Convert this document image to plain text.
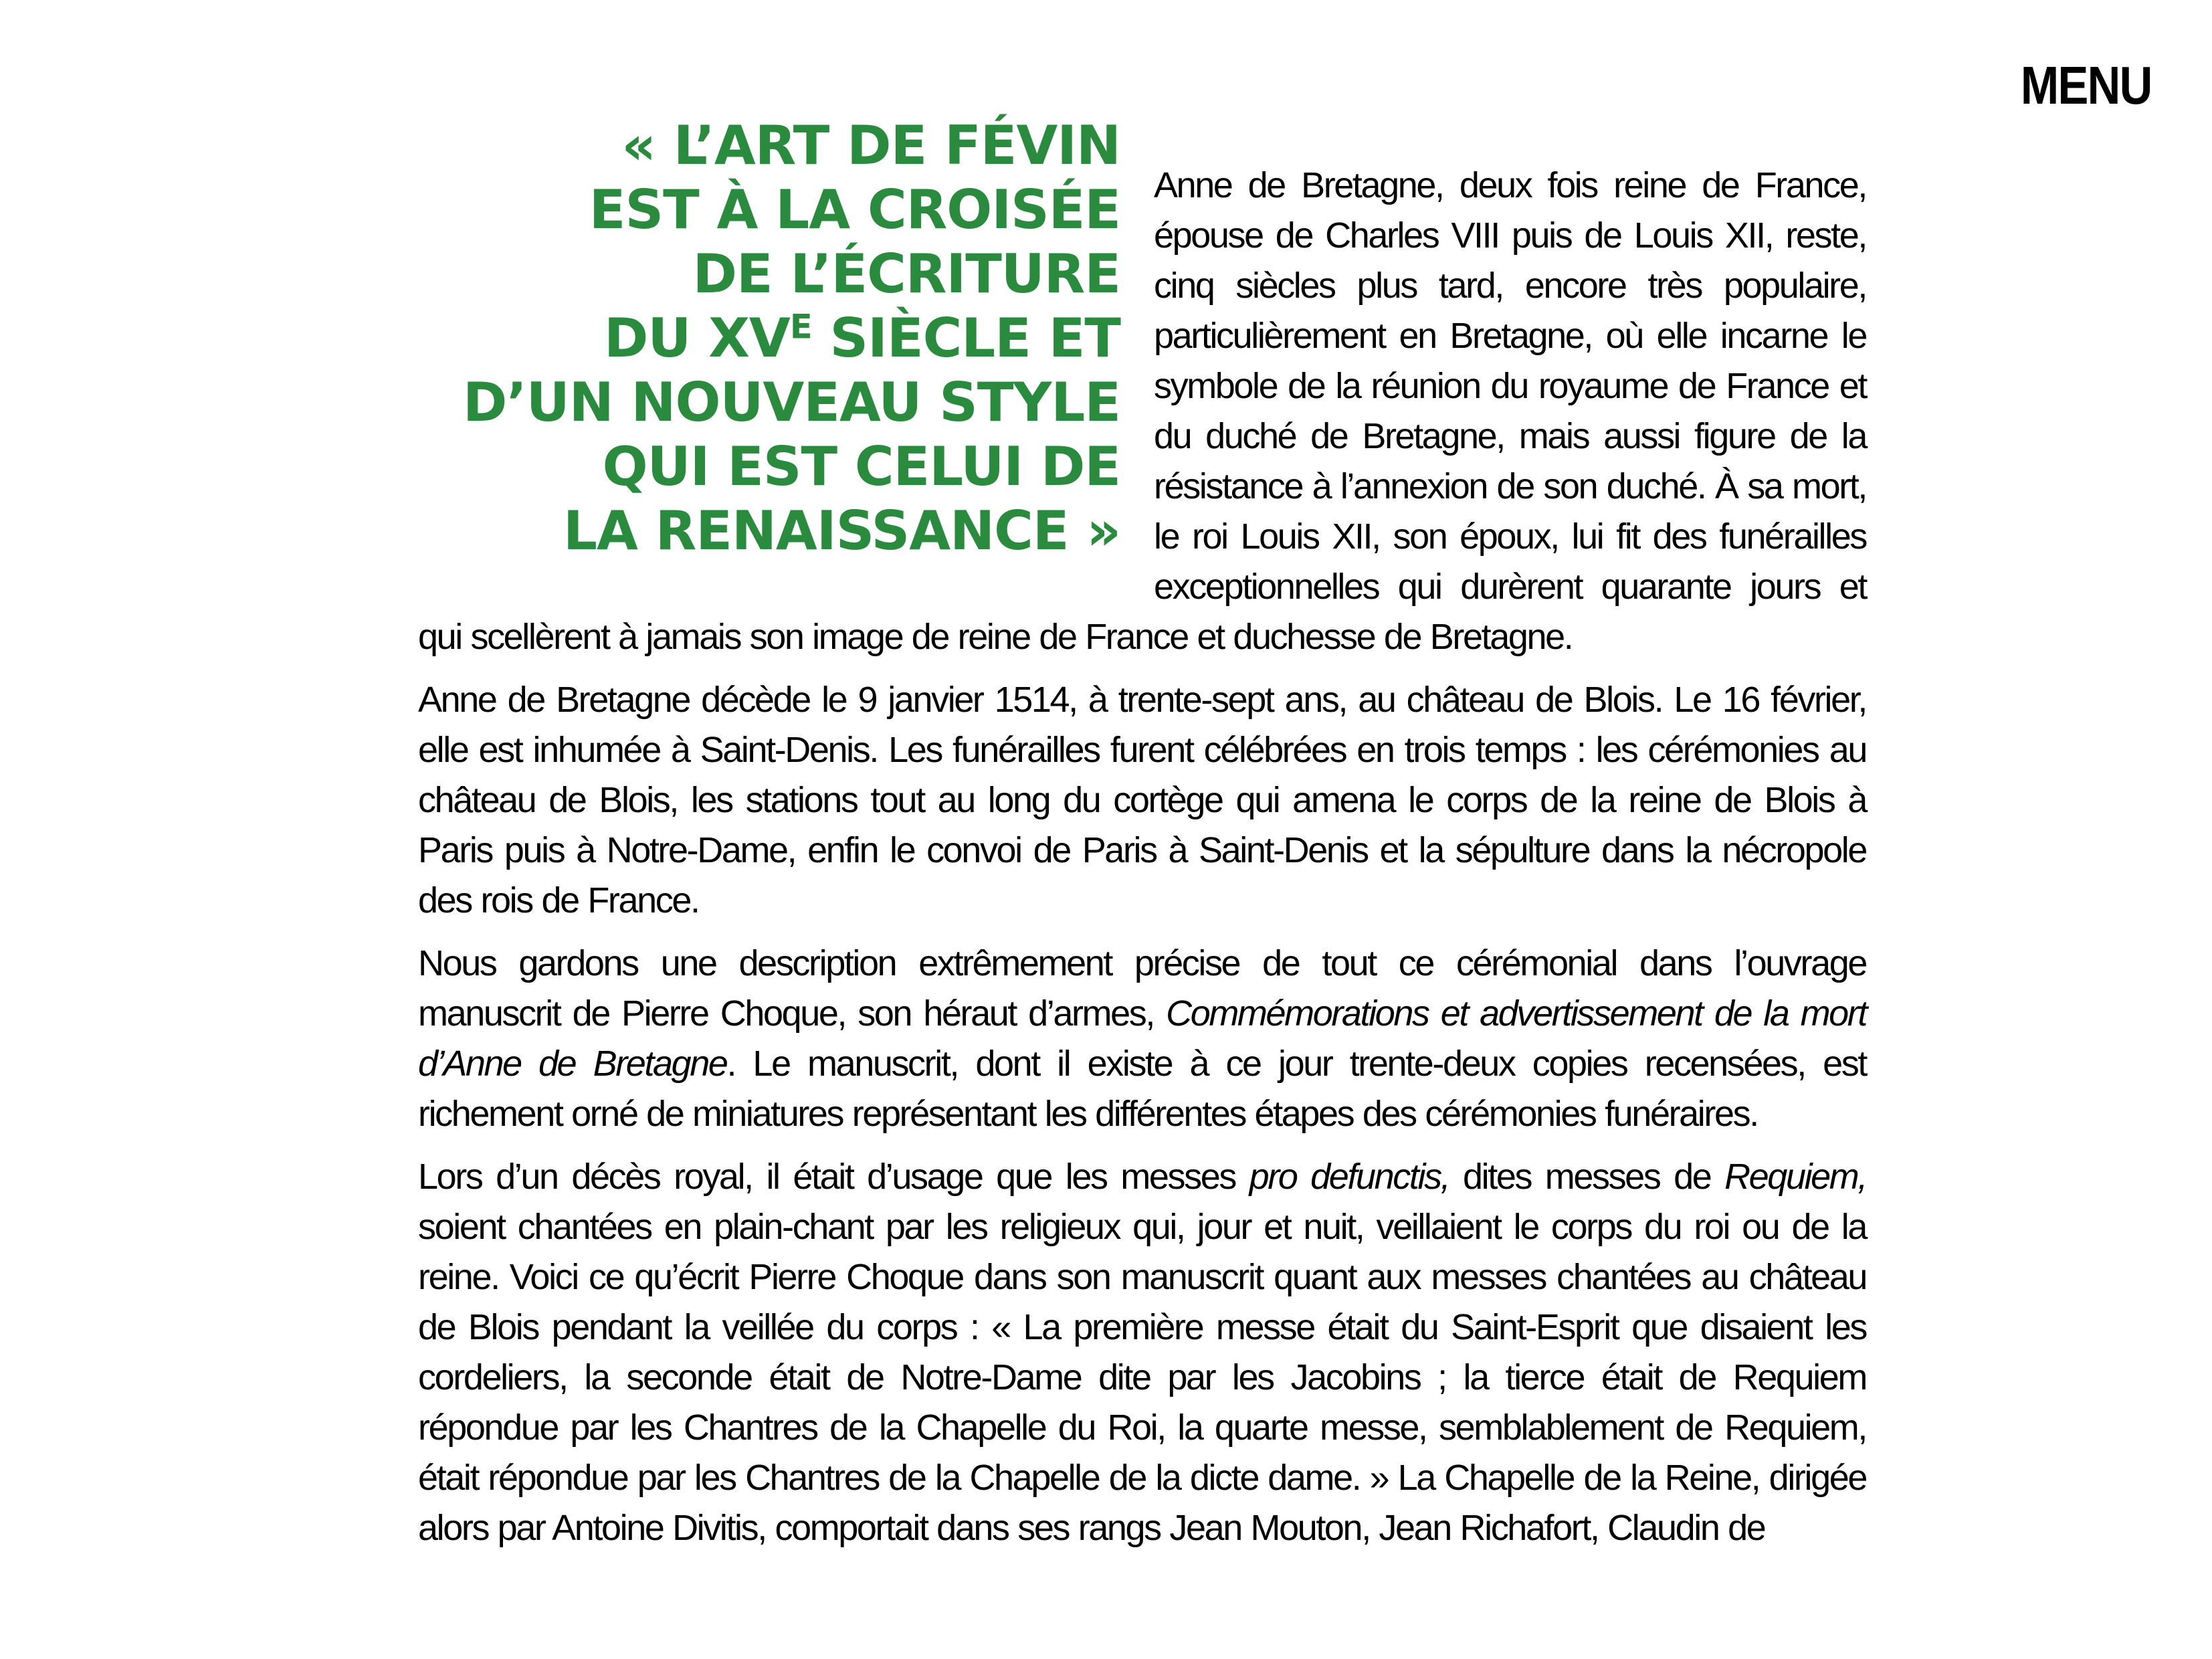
MENU
« L’ART DE FÉVIN
EST À LA CROISÉE
DE L’ÉCRITURE
DU $XV^E$ SIÈCLE ET
D’UN NOUVEAU STYLE
QUI EST CELUI DE
LA RENAISSANCE »

Anne de Bretagne, deux fois reine de France, épouse de Charles VIII puis de Louis XII, reste, cinq siècles plus tard, encore très populaire, particulièrement en Bretagne, où elle incarne le symbole de la réunion du royaume de France et du duché de Bretagne, mais aussi figure de la résistance à l’annexion de son duché. À sa mort, le roi Louis XII, son époux, lui fit des funérailles exceptionnelles qui durèrent quarante jours et qui scellèrent à jamais son image de reine de France et duchesse de Bretagne.

Anne de Bretagne décède le 9 janvier 1514, à trente-sept ans, au château de Blois. Le 16 février, elle est inhumée à Saint-Denis. Les funérailles furent célébrées en trois temps : les cérémonies au château de Blois, les stations tout au long du cortège qui amena le corps de la reine de Blois à Paris puis à Notre-Dame, enfin le convoi de Paris à Saint-Denis et la sépulture dans la nécropole des rois de France.

Nous gardons une description extrêmement précise de tout ce cérémonial dans l’ouvrage manuscrit de Pierre Choque, son héraut d’armes, Commémorations et advertissement de la mort d’Anne de Bretagne. Le manuscrit, dont il existe à ce jour trente-deux copies recensées, est richement orné de miniatures représentant les différentes étapes des cérémonies funéraires.

Lors d’un décès royal, il était d’usage que les messes pro defunctis, dites messes de Requiem, soient chantées en plain-chant par les religieux qui, jour et nuit, veillaient le corps du roi ou de la reine. Voici ce qu’écrit Pierre Choque dans son manuscrit quant aux messes chantées au château de Blois pendant la veillée du corps : « La première messe était du Saint-Esprit que disaient les cordeliers, la seconde était de Notre-Dame dite par les Jacobins ; la tierce était de Requiem répondue par les Chantres de la Chapelle du Roi, la quarte messe, semblablement de Requiem, était répondue par les Chantres de la Chapelle de la dicte dame. » La Chapelle de la Reine, dirigée alors par Antoine Divitis, comportait dans ses rangs Jean Mouton, Jean Richafort, Claudin de
